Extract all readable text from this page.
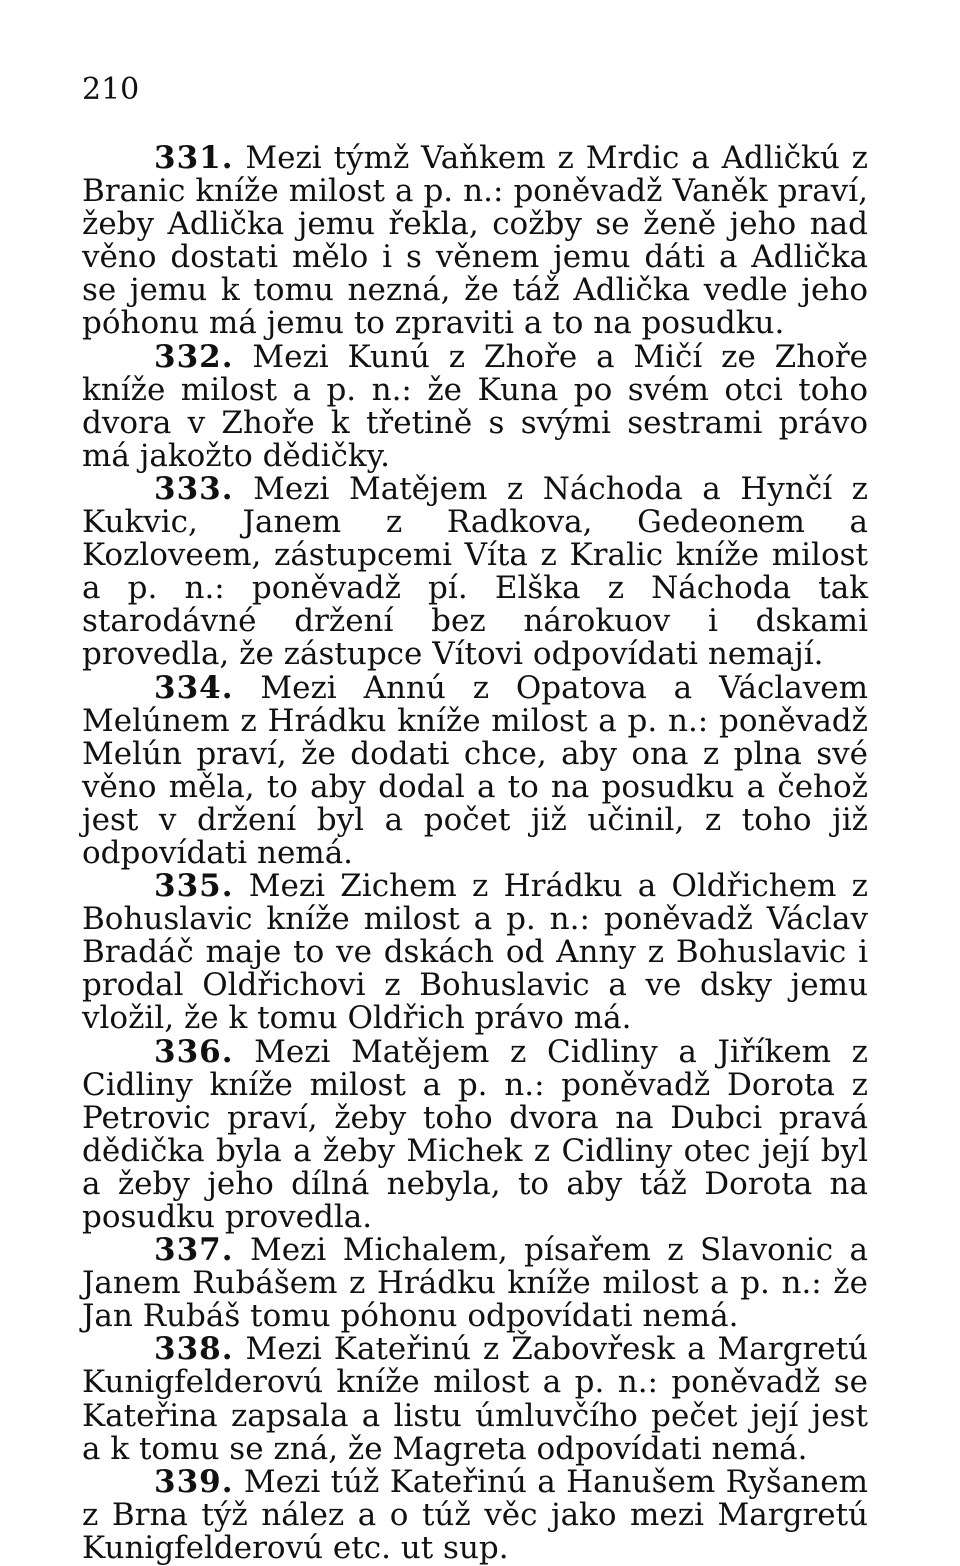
210

331. Mezi týmž Vaňkem z Mrdic a Adličkú z Branic kníže milost a p. n.: poněvadž Vaněk praví, žeby Adlička jemu řekla, cožby se ženě jeho nad věno dostati mělo i s věnem jemu dáti a Adlička se jemu k tomu nezná, že táž Adlička vedle jeho póhonu má jemu to zpraviti a to na posudku.

332. Mezi Kunú z Zhoře a Mičí ze Zhoře kníže milost a p. n.: že Kuna po svém otci toho dvora v Zhoře k třetině s svými sestrami právo má jakožto dědičky.

333. Mezi Matějem z Náchoda a Hynčí z Kukvic, Janem z Radkova, Gedeonem a Kozloveem, zástupcemi Víta z Kralic kníže milost a p. n.: poněvadž pí. Elška z Náchoda tak starodávné držení bez nárokuov i dskami provedla, že zástupce Vítovi odpovídati nemají.

334. Mezi Annú z Opatova a Václavem Melúnem z Hrádku kníže milost a p. n.: poněvadž Melún praví, že dodati chce, aby ona z plna své věno měla, to aby dodal a to na posudku a čehož jest v držení byl a počet již učinil, z toho již odpovídati nemá.

335. Mezi Zichem z Hrádku a Oldřichem z Bohuslavic kníže milost a p. n.: poněvadž Václav Bradáč maje to ve dskách od Anny z Bohuslavic i prodal Oldřichovi z Bohuslavic a ve dsky jemu vložil, že k tomu Oldřich právo má.

336. Mezi Matějem z Cidliny a Jiříkem z Cidliny kníže milost a p. n.: poněvadž Dorota z Petrovic praví, žeby toho dvora na Dubci pravá dědička byla a žeby Michek z Cidliny otec její byl a žeby jeho dílná nebyla, to aby táž Dorota na posudku provedla.

337. Mezi Michalem, písařem z Slavonic a Janem Rubášem z Hrádku kníže milost a p. n.: že Jan Rubáš tomu póhonu odpovídati nemá.

338. Mezi Kateřinú z Žabovřesk a Margretú Kunigfelderovú kníže milost a p. n.: poněvadž se Kateřina zapsala a listu úmluvčího pečet její jest a k tomu se zná, že Magreta odpovídati nemá.

339. Mezi túž Kateřinú a Hanušem Ryšanem z Brna týž nález a o túž věc jako mezi Margretú Kunigfelderovú etc. ut sup.
